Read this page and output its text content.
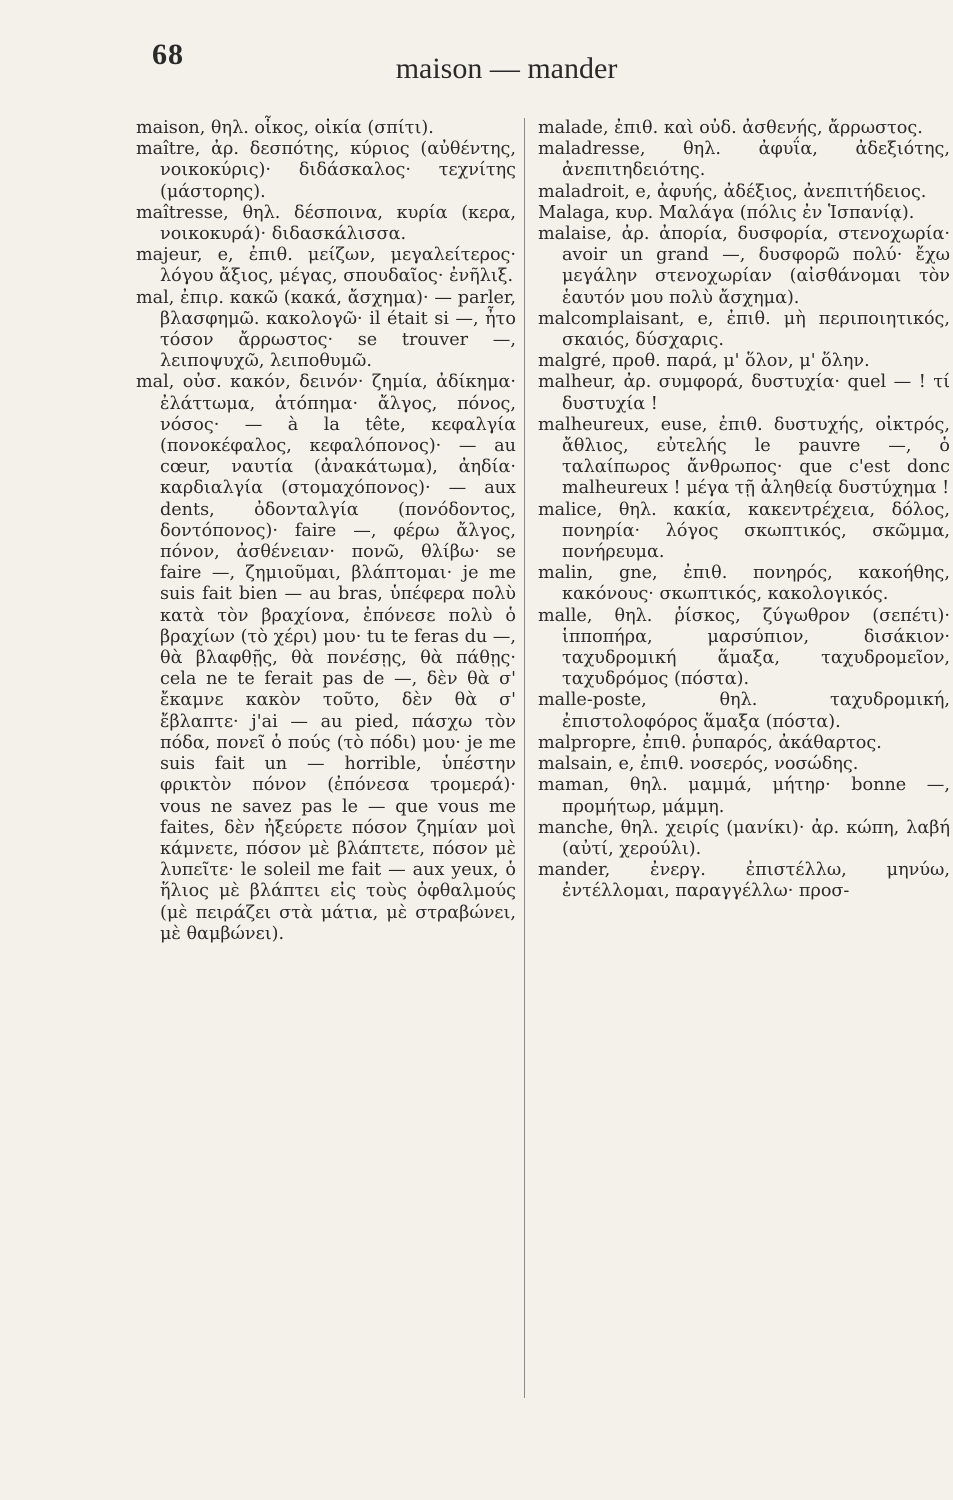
68	maison — mander

maison, θηλ. οἶκος, οἰκία (σπίτι).

maître, ἀρ. δεσπότης, κύριος (αὐθέντης, νοικοκύρις)· διδάσκαλος· τεχνίτης (μάστορης).

maîtresse, θηλ. δέσποινα, κυρία (κερα, νοικοκυρά)· διδασκάλισσα.

majeur, e, ἐπιθ. μείζων, μεγαλείτερος· λόγου ἄξιος, μέγας, σπουδαῖος· ἐνῆλιξ.

mal, ἐπιρ. κακῶ (κακά, ἄσχημα)· — parler, βλασφημῶ. κακολογῶ· il était si —, ἦτο τόσον ἄρρωστος· se trouver —, λειποψυχῶ, λειποθυμῶ.

mal, οὐσ. κακόν, δεινόν· ζημία, ἀδίκημα· ἐλάττωμα, ἀτόπημα· ἄλγος, πόνος, νόσος· — à la tête, κεφαλγία (πονοκέφαλος, κεφαλόπονος)· — au cœur, ναυτία (ἀνακάτωμα), ἀηδία· καρδιαλγία (στομαχόπονος)· — aux dents, ὀδονταλγία (πονόδοντος, δοντόπονος)· faire —, φέρω ἄλγος, πόνον, ἀσθένειαν· πονῶ, θλίβω· se faire —, ζημιοῦμαι, βλάπτομαι· je me suis fait bien — au bras, ὑπέφερα πολὺ κατὰ τὸν βραχίονα, ἐπόνεσε πολὺ ὁ βραχίων (τὸ χέρι) μου· tu te feras du —, θὰ βλαφθῇς, θὰ πονέσῃς, θὰ πάθῃς· cela ne te ferait pas de —, δὲν θὰ σ' ἔκαμνε κακὸν τοῦτο, δὲν θὰ σ' ἔβλαπτε· j'ai — au pied, πάσχω τὸν πόδα, πονεῖ ὁ πούς (τὸ πόδι) μου· je me suis fait un — horrible, ὑπέστην φρικτὸν πόνον (ἐπόνεσα τρομερά)· vous ne savez pas le — que vous me faites, δὲν ἠξεύρετε πόσον ζημίαν μοὶ κάμνετε, πόσον μὲ βλάπτετε, πόσον μὲ λυπεῖτε· le soleil me fait — aux yeux, ὁ ἥλιος μὲ βλάπτει εἰς τοὺς ὀφθαλμούς (μὲ πειράζει στὰ μάτια, μὲ στραβώνει, μὲ θαμβώνει).

malade, ἐπιθ. καὶ οὐδ. ἀσθενής, ἄρρωστος.

maladresse, θηλ. ἀφυΐα, ἀδεξιότης, ἀνεπιτηδειότης.

maladroit, e, ἀφυής, ἀδέξιος, ἀνεπιτήδειος.

Malaga, κυρ. Μαλάγα (πόλις ἐν Ἱσπανίᾳ).

malaise, ἀρ. ἀπορία, δυσφορία, στενοχωρία· avoir un grand —, δυσφορῶ πολύ· ἔχω μεγάλην στενοχωρίαν (αἰσθάνομαι τὸν ἑαυτόν μου πολὺ ἄσχημα).

malcomplaisant, e, ἐπιθ. μὴ περιποιητικός, σκαιός, δύσχαρις.

malgré, προθ. παρά, μ' ὅλον, μ' ὅλην.

malheur, ἀρ. συμφορά, δυστυχία· quel — ! τί δυστυχία !

malheureux, euse, ἐπιθ. δυστυχής, οἰκτρός, ἄθλιος, εὐτελής le pauvre —, ὁ ταλαίπωρος ἄνθρωπος· que c'est donc malheureux ! μέγα τῇ ἀληθείᾳ δυστύχημα !

malice, θηλ. κακία, κακεντρέχεια, δόλος, πονηρία· λόγος σκωπτικός, σκῶμμα, πονήρευμα.

malin, gne, ἐπιθ. πονηρός, κακοήθης, κακόνους· σκωπτικός, κακολογικός.

malle, θηλ. ῥίσκος, ζύγωθρον (σεπέτι)· ἱπποπήρα, μαρσύπιον, δισάκιον· ταχυδρομική ἅμαξα, ταχυδρομεῖον, ταχυδρόμος (πόστα).

malle-poste, θηλ. ταχυδρομική, ἐπιστολοφόρος ἅμαξα (πόστα).

malpropre, ἐπιθ. ῥυπαρός, ἀκάθαρτος.

malsain, e, ἐπιθ. νοσερός, νοσώδης.

maman, θηλ. μαμμά, μήτηρ· bonne —, προμήτωρ, μάμμη.

manche, θηλ. χειρίς (μανίκι)· ἀρ. κώπη, λαβή (αὐτί, χερούλι).

mander, ἐνεργ. ἐπιστέλλω, μηνύω, ἐντέλλομαι, παραγγέλλω· προσ-
